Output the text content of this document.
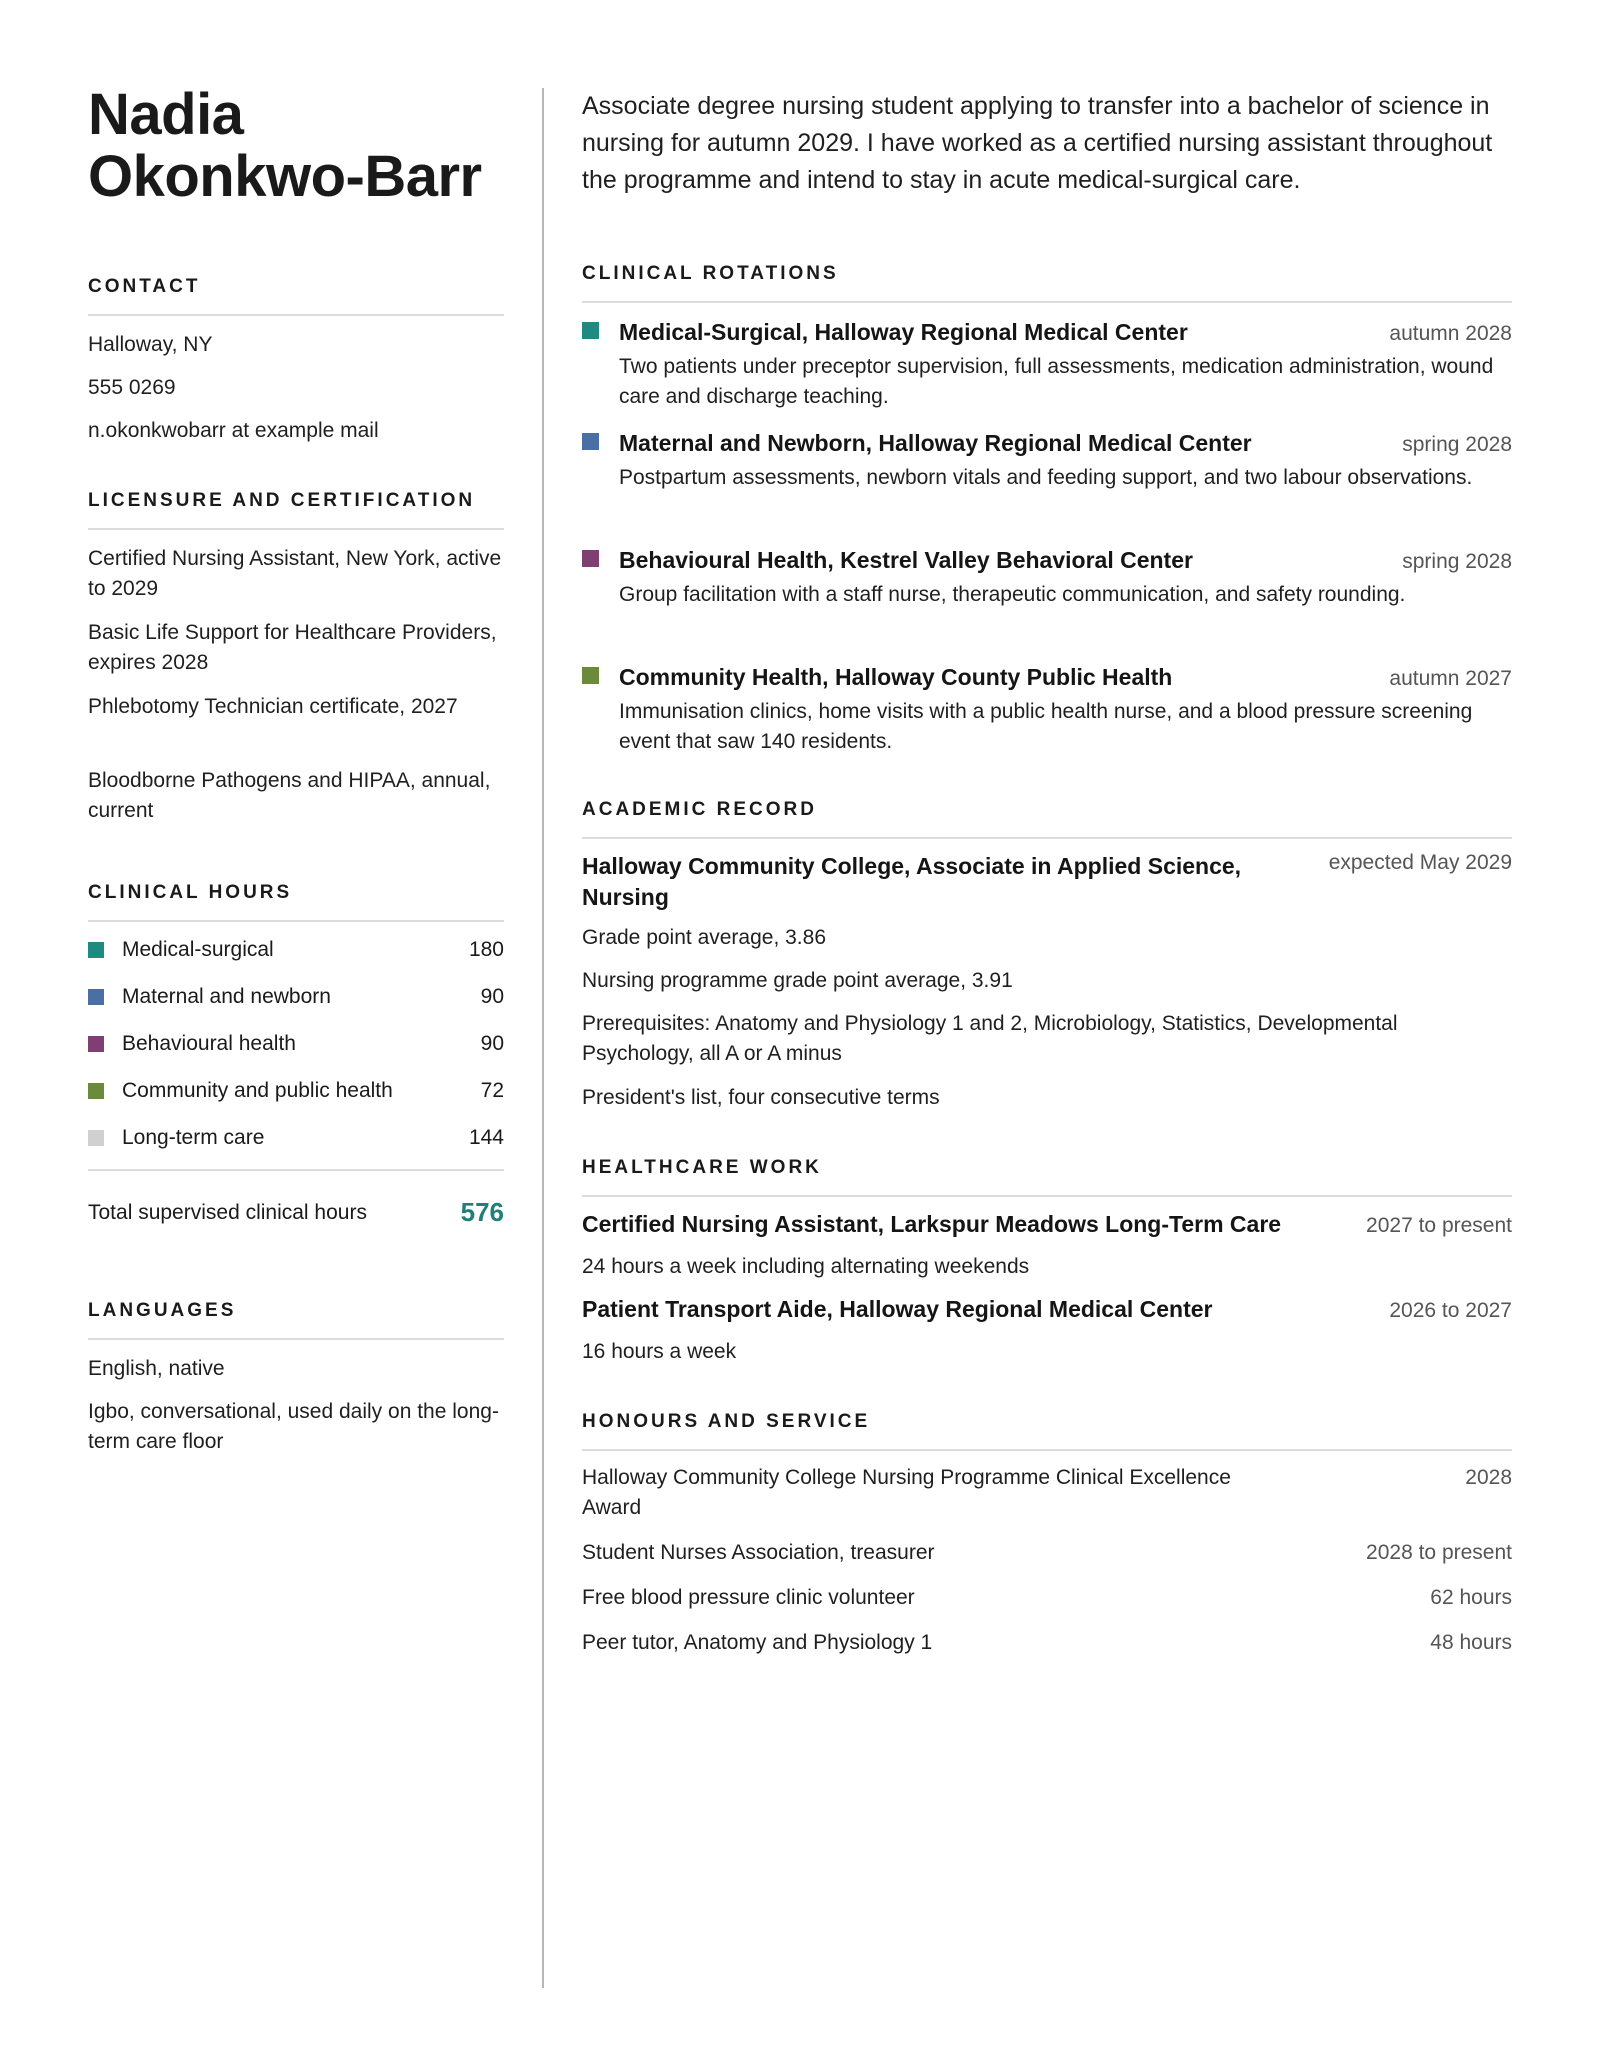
Nadia
Okonkwo-Barr
CONTACT
Halloway, NY
555 0269
n.okonkwobarr at example mail
LICENSURE AND CERTIFICATION
Certified Nursing Assistant, New York, active to 2029
Basic Life Support for Healthcare Providers, expires 2028
Phlebotomy Technician certificate, 2027
Bloodborne Pathogens and HIPAA, annual, current
CLINICAL HOURS
Medical-surgical	180
Maternal and newborn	90
Behavioural health	90
Community and public health	72
Long-term care	144
Total supervised clinical hours	576
LANGUAGES
English, native
Igbo, conversational, used daily on the long-term care floor

Associate degree nursing student applying to transfer into a bachelor of science in nursing for autumn 2029. I have worked as a certified nursing assistant throughout the programme and intend to stay in acute medical-surgical care.

CLINICAL ROTATIONS
Medical-Surgical, Halloway Regional Medical Center	autumn 2028
Two patients under preceptor supervision, full assessments, medication administration, wound care and discharge teaching.
Maternal and Newborn, Halloway Regional Medical Center	spring 2028
Postpartum assessments, newborn vitals and feeding support, and two labour observations.
Behavioural Health, Kestrel Valley Behavioral Center	spring 2028
Group facilitation with a staff nurse, therapeutic communication, and safety rounding.
Community Health, Halloway County Public Health	autumn 2027
Immunisation clinics, home visits with a public health nurse, and a blood pressure screening event that saw 140 residents.
ACADEMIC RECORD
Halloway Community College, Associate in Applied Science, Nursing
expected May 2029
Grade point average, 3.86
Nursing programme grade point average, 3.91
Prerequisites: Anatomy and Physiology 1 and 2, Microbiology, Statistics, Developmental Psychology, all A or A minus
President's list, four consecutive terms
HEALTHCARE WORK
Certified Nursing Assistant, Larkspur Meadows Long-Term Care	2027 to present
24 hours a week including alternating weekends
Patient Transport Aide, Halloway Regional Medical Center	2026 to 2027
16 hours a week
HONOURS AND SERVICE
Halloway Community College Nursing Programme Clinical Excellence Award
2028
Student Nurses Association, treasurer	2028 to present
Free blood pressure clinic volunteer	62 hours
Peer tutor, Anatomy and Physiology 1	48 hours
